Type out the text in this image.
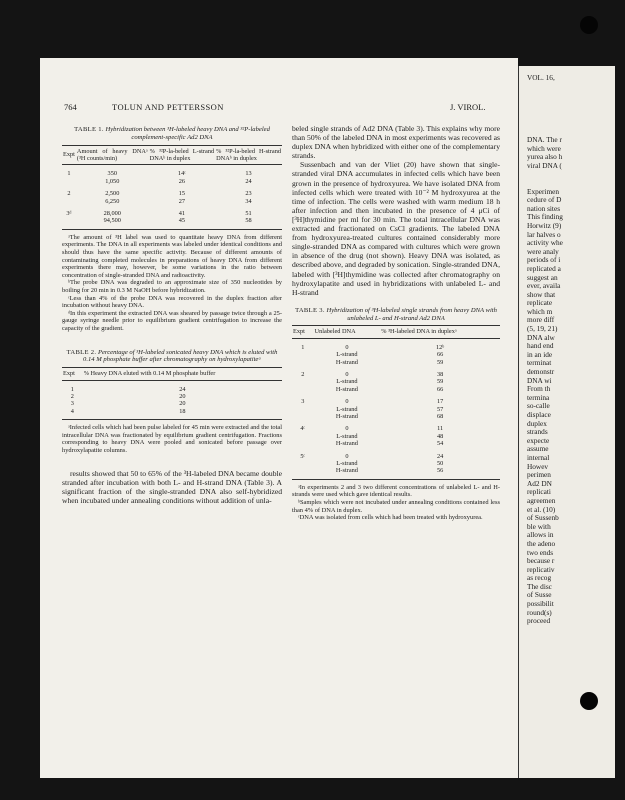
764	TOLUN AND PETTERSSON	J. VIROL.
TABLE 1. Hybridization between ³H-labeled heavy DNA and ³²P-labeled complement-specific Ad2 DNA
Expt	Amount of heavy DNAᵃ (³H counts/min)	% ³²P-la-beled L-strand DNAᵇ in duplex	% ³²P-la-beled H-strand DNAᵇ in duplex
1	350	14ᶜ	13
	1,050	26	24
2	2,500	15	23
	6,250	27	34
3ᵈ	28,000	41	51
	94,500	45	58

ᵃThe amount of ³H label was used to quantitate heavy DNA from different experiments. The DNA in all experiments was labeled under identical conditions and should thus have the same specific activity. Because of different amounts of contaminating completed molecules in preparations of heavy DNA from different experiments there may, however, be some variations in the ratio between concentration of single-stranded DNA and radioactivity.

ᵇThe probe DNA was degraded to an approximate size of 350 nucleotides by boiling for 20 min in 0.3 M NaOH before hybridization.

ᶜLess than 4% of the probe DNA was recovered in the duplex fraction after incubation without heavy DNA.

ᵈIn this experiment the extracted DNA was sheared by passage twice through a 25-gauge syringe needle prior to equilibrium gradient centrifugation to increase the capacity of the gradient.

TABLE 2. Percentage of ³H-labeled sonicated heavy DNA which is eluted with 0.14 M phosphate buffer after chromatography on hydroxylapatiteᵃ
Expt	% Heavy DNA eluted with 0.14 M phosphate buffer
1	24
2	20
3	20
4	18

ᵃInfected cells which had been pulse labeled for 45 min were extracted and the total intracellular DNA was fractionated by equilibrium gradient centrifugation. Fractions corresponding to heavy DNA were pooled and sonicated before passage over hydroxylapatite columns.

results showed that 50 to 65% of the ³H-labeled DNA became double stranded after incubation with both L- and H-strand DNA (Table 3). A significant fraction of the single-stranded DNA also self-hybridized when incubated under annealing conditions without addition of unla-

beled single strands of Ad2 DNA (Table 3). This explains why more than 50% of the labeled DNA in most experiments was recovered as duplex DNA when hybridized with either one of the complementary strands.

Sussenbach and van der Vliet (20) have shown that single-stranded viral DNA accumulates in infected cells which have been grown in the presence of hydroxyurea. We have isolated DNA from infected cells which were treated with 10⁻² M hydroxyurea at the time of infection. The cells were washed with warm medium 18 h after infection and then incubated in the presence of 4 μCi of [³H]thymidine per ml for 30 min. The total intracellular DNA was extracted and fractionated on CsCl gradients. The labeled DNA from hydroxyurea-treated cultures contained considerably more single-stranded DNA as compared with cultures which were grown in absence of the drug (not shown). Heavy DNA was isolated, as described above, and degraded by sonication. Single-stranded DNA, labeled with [³H]thymidine was collected after chromatography on hydroxylapatite and used in hybridizations with unlabeled L- and H-strand

TABLE 3. Hybridization of ³H-labeled single strands from heavy DNA with unlabeled L- and H-strand Ad2 DNA
Expt	Unlabeled DNA	% ³H-labeled DNA in duplexᵃ
1	0	12ᵇ
	L-strand	66
	H-strand	59
2	0	38
	L-strand	59
	H-strand	66
3	0	17
	L-strand	57
	H-strand	68
4ᶜ	0	11
	L-strand	48
	H-strand	54
5ᶜ	0	24
	L-strand	50
	H-strand	56

ᵃIn experiments 2 and 3 two different concentrations of unlabeled L- and H-strands were used which gave identical results.

ᵇSamples which were not incubated under annealing conditions contained less than 4% of DNA in duplex.

ᶜDNA was isolated from cells which had been treated with hydroxyurea.

VOL. 16,
DNA. The r
which were
yurea also h
viral DNA (

Experimen
cedure of D
nation sites
This finding
Horwitz (9)
lar halves o
activity whe
were analy
periods of i
replicated a
suggest an
ever, availa
show that
replicate
which m
more diff
(5, 19, 21)
DNA alw
hand end
in an ide
terminat
demonstr
DNA wi
From th
termina
so-calle
displace
duplex
strands
expecte
assume
internal
Howev
perimen
Ad2 DN
replicati
agreemen
et al. (10)
of Sussenb
ble with
allows in
the adeno
two ends
because r
replicativ
as recog
The disc
of Susse
possibilit
round(s)
proceed
